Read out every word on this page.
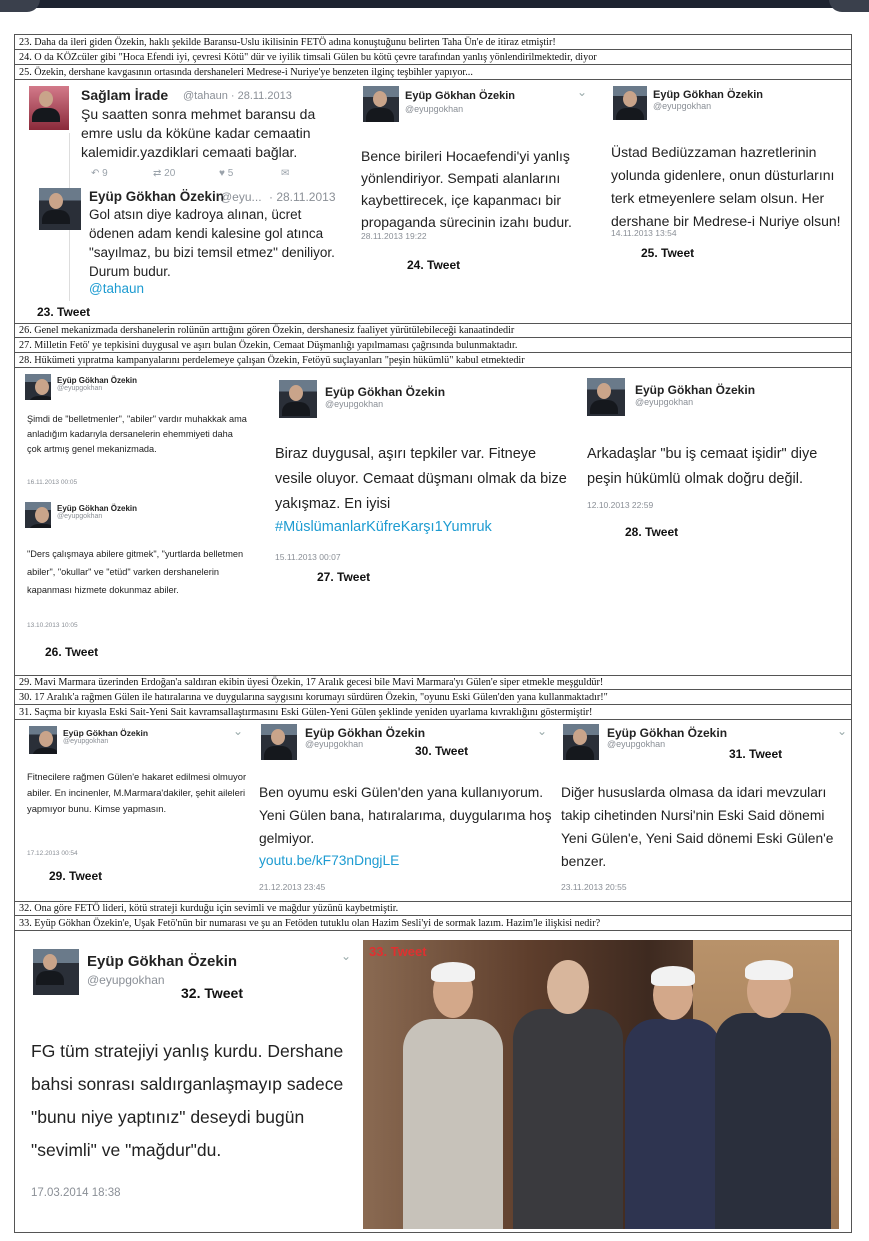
23. Daha da ileri giden Özekin, haklı şekilde Baransu-Uslu ikilisinin FETÖ adına konuştuğunu belirten Taha Ün'e de itiraz etmiştir!
24. O da KÖZcüler gibi "Hoca Efendi iyi, çevresi Kötü" dür ve iyilik timsali Gülen bu kötü çevre tarafından yanlış yönlendirilmektedir, diyor
25. Özekin, dershane kavgasının ortasında dershaneleri Medrese-i Nuriye'ye benzeten ilginç teşbihler yapıyor...
Sağlam İrade @tahaun · 28.11.2013
Şu saatten sonra mehmet baransu da emre uslu da köküne kadar cemaatin kalemidir.yazdiklari cemaati bağlar.
↶ 9	⇄ 20	♥ 5	✉
Eyüp Gökhan Özekin
@eyu... · 28.11.2013
Gol atsın diye kadroya alınan, ücret ödenen adam kendi kalesine gol atınca "sayılmaz, bu bizi temsil etmez" deniliyor. Durum budur.
@tahaun
23. Tweet
Eyüp Gökhan Özekin
@eyupgokhan
⌄
Bence birileri Hocaefendi'yi yanlış yönlendiriyor. Sempati alanlarını kaybettirecek, içe kapanmacı bir propaganda sürecinin izahı budur.
28.11.2013 19:22
24. Tweet
Eyüp Gökhan Özekin
@eyupgokhan
Üstad Bediüzzaman hazretlerinin yolunda gidenlere, onun düsturlarını terk etmeyenlere selam olsun. Her dershane bir Medrese-i Nuriye olsun!
14.11.2013 13:54
25. Tweet
26. Genel mekanizmada dershanelerin rolünün arttığını gören Özekin, dershanesiz faaliyet yürütülebileceği kanaatindedir
27. Milletin Fetö' ye tepkisini duygusal ve aşırı bulan Özekin, Cemaat Düşmanlığı yapılmaması çağrısında bulunmaktadır.
28. Hükümeti yıpratma kampanyalarını perdelemeye çalışan Özekin, Fetöyü suçlayanları "peşin hükümlü" kabul etmektedir
Eyüp Gökhan Özekin
@eyupgokhan
Şimdi de "belletmenler", "abiler" vardır muhakkak ama anladığım kadarıyla dersanelerin ehemmiyeti daha çok artmış genel mekanizmada.
16.11.2013 00:05
Eyüp Gökhan Özekin
@eyupgokhan
"Ders çalışmaya abilere gitmek", "yurtlarda belletmen abiler", "okullar" ve "etüd" varken dershanelerin kapanması hizmete dokunmaz abiler.
13.10.2013 10:05
26. Tweet
Eyüp Gökhan Özekin
@eyupgokhan
Biraz duygusal, aşırı tepkiler var. Fitneye vesile oluyor. Cemaat düşmanı olmak da bize yakışmaz. En iyisi
#MüslümanlarKüfreKarşı1Yumruk
15.11.2013 00:07
27. Tweet
Eyüp Gökhan Özekin
@eyupgokhan
Arkadaşlar "bu iş cemaat işidir" diye peşin hükümlü olmak doğru değil.
12.10.2013 22:59
28. Tweet
29. Mavi Marmara üzerinden Erdoğan'a saldıran ekibin üyesi Özekin, 17 Aralık gecesi bile Mavi Marmara'yı Gülen'e siper etmekle meşguldür!
30. 17 Aralık'a rağmen Gülen ile hatıralarına ve duygularına saygısını korumayı sürdüren Özekin, "oyunu Eski Gülen'den yana kullanmaktadır!"
31. Saçma bir kıyasla Eski Sait-Yeni Sait kavramsallaştırmasını Eski Gülen-Yeni Gülen şeklinde yeniden uyarlama kıvraklığını göstermiştir!
Eyüp Gökhan Özekin
@eyupgokhan
⌄
Fitnecilere rağmen Gülen'e hakaret edilmesi olmuyor abiler. En incinenler, M.Marmara'dakiler, şehit aileleri yapmıyor bunu. Kimse yapmasın.
17.12.2013 00:54
29. Tweet
Eyüp Gökhan Özekin
@eyupgokhan	30. Tweet
⌄
Ben oyumu eski Gülen'den yana kullanıyorum. Yeni Gülen bana, hatıralarıma, duygularıma hoş gelmiyor.
youtu.be/kF73nDngjLE
21.12.2013 23:45
Eyüp Gökhan Özekin
@eyupgokhan
31. Tweet
⌄
Diğer hususlarda olmasa da idari mevzuları takip cihetinden Nursi'nin Eski Said dönemi Yeni Gülen'e, Yeni Said dönemi Eski Gülen'e benzer.
23.11.2013 20:55
32. Ona göre FETÖ lideri, kötü strateji kurduğu için sevimli ve mağdur yüzünü kaybetmiştir.
33. Eyüp Gökhan Özekin'e, Uşak Fetö'nün bir numarası ve şu an Fetöden tutuklu olan Hazim Sesli'yi de sormak lazım. Hazim'le ilişkisi nedir?
Eyüp Gökhan Özekin
@eyupgokhan
32. Tweet
⌄
FG tüm stratejiyi yanlış kurdu. Dershane bahsi sonrası saldırganlaşmayıp sadece "bunu niye yaptınız" deseydi bugün "sevimli" ve "mağdur"du.
17.03.2014 18:38
33. Tweet
